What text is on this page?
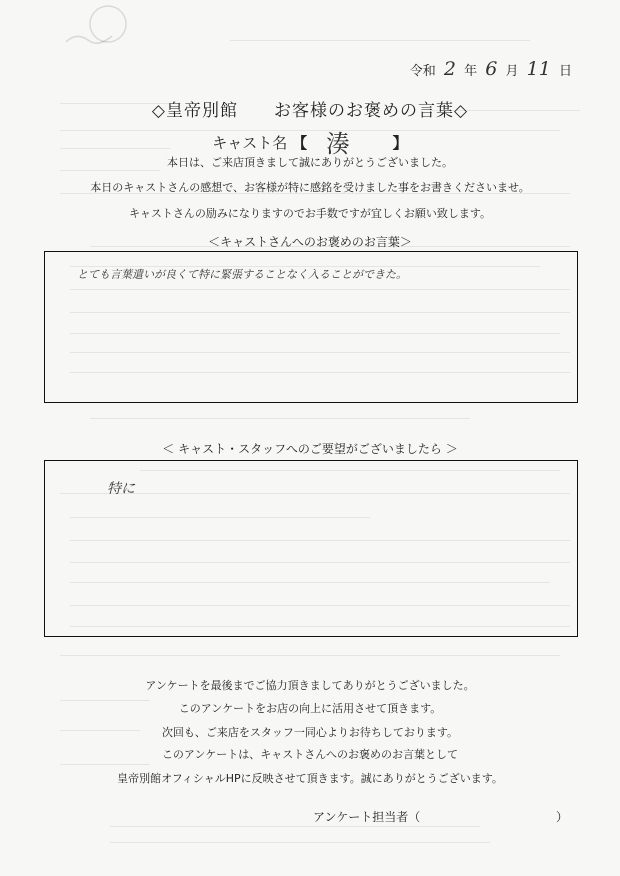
令和 2 年 6 月 11 日
◇皇帝別館　　お客様のお褒めの言葉◇
キャスト名 【 湊	】
本日は、ご来店頂きまして誠にありがとうございました。
本日のキャストさんの感想で、お客様が特に感銘を受けました事をお書きくださいませ。
キャストさんの励みになりますのでお手数ですが宜しくお願い致します。
＜キャストさんへのお褒めのお言葉＞
とても言葉遣いが良くて特に緊張することなく入ることができた。
＜ キャスト・スタッフへのご要望がございましたら ＞
特に
アンケートを最後までご協力頂きましてありがとうございました。
このアンケートをお店の向上に活用させて頂きます。
次回も、ご来店をスタッフ一同心よりお待ちしております。
このアンケートは、キャストさんへのお褒めのお言葉として
皇帝別館オフィシャルHPに反映させて頂きます。誠にありがとうございます。
アンケート担当者（	）
